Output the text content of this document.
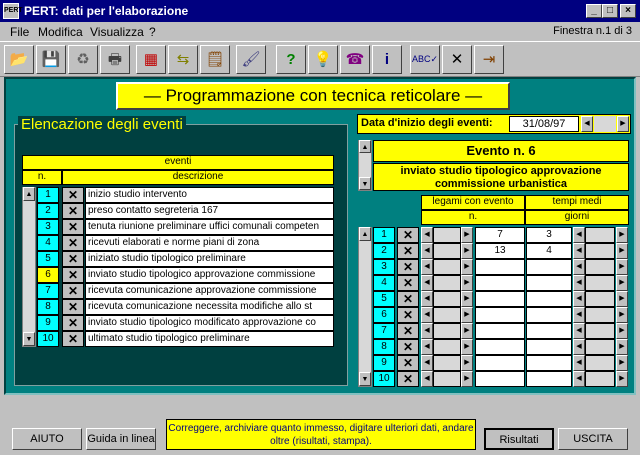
PERT PERT: dati per l'elaborazione	_	□	×
File Modifica Visualizza ?	Finestra n.1 di 3
📂 💾	♻	🖶	▦	⇆	🗒	🖌	?	💡 ☎	i	ABC✓ ✕	⇥
— Programmazione con tecnica reticolare —
Elencazione degli eventi
eventi
n.	descrizione
1	✕ inizio studio intervento
2	✕ preso contatto segreteria 167
3	✕ tenuta riunione preliminare uffici comunali competen
4	✕ ricevuti elaborati e norme piani di zona
5	✕ iniziato studio tipologico preliminare
6	✕ inviato studio tipologico approvazione commissione
7	✕ ricevuta comunicazione approvazione commissione
8	✕ ricevuta comunicazione necessita modifiche allo st
9	✕ inviato studio tipologico modificato approvazione co
10	✕ ultimato studio tipologico preliminare
▲
▼
Data d'inizio degli eventi:	31/08/97	◀	▶
▲
▼
Evento n. 6
inviato studio tipologico approvazione commissione urbanistica
legami con evento	tempi medi
n.	giorni
1	✕	◀	▶	7	3	◀	▶
2	✕	◀	▶	13	4	◀	▶
3	✕	◀	▶	◀	▶
4	✕	◀	▶	◀	▶
5	✕	◀	▶	◀	▶
6	✕	◀	▶	◀	▶
7	✕	◀	▶	◀	▶
8	✕	◀	▶	◀	▶
9	✕	◀	▶	◀	▶
10	✕	◀	▶	◀	▶
▲
▼
AIUTO	Guida in linea
Correggere, archiviare quanto immesso, digitare ulteriori dati, andare oltre (risultati, stampa).	Risultati	USCITA
